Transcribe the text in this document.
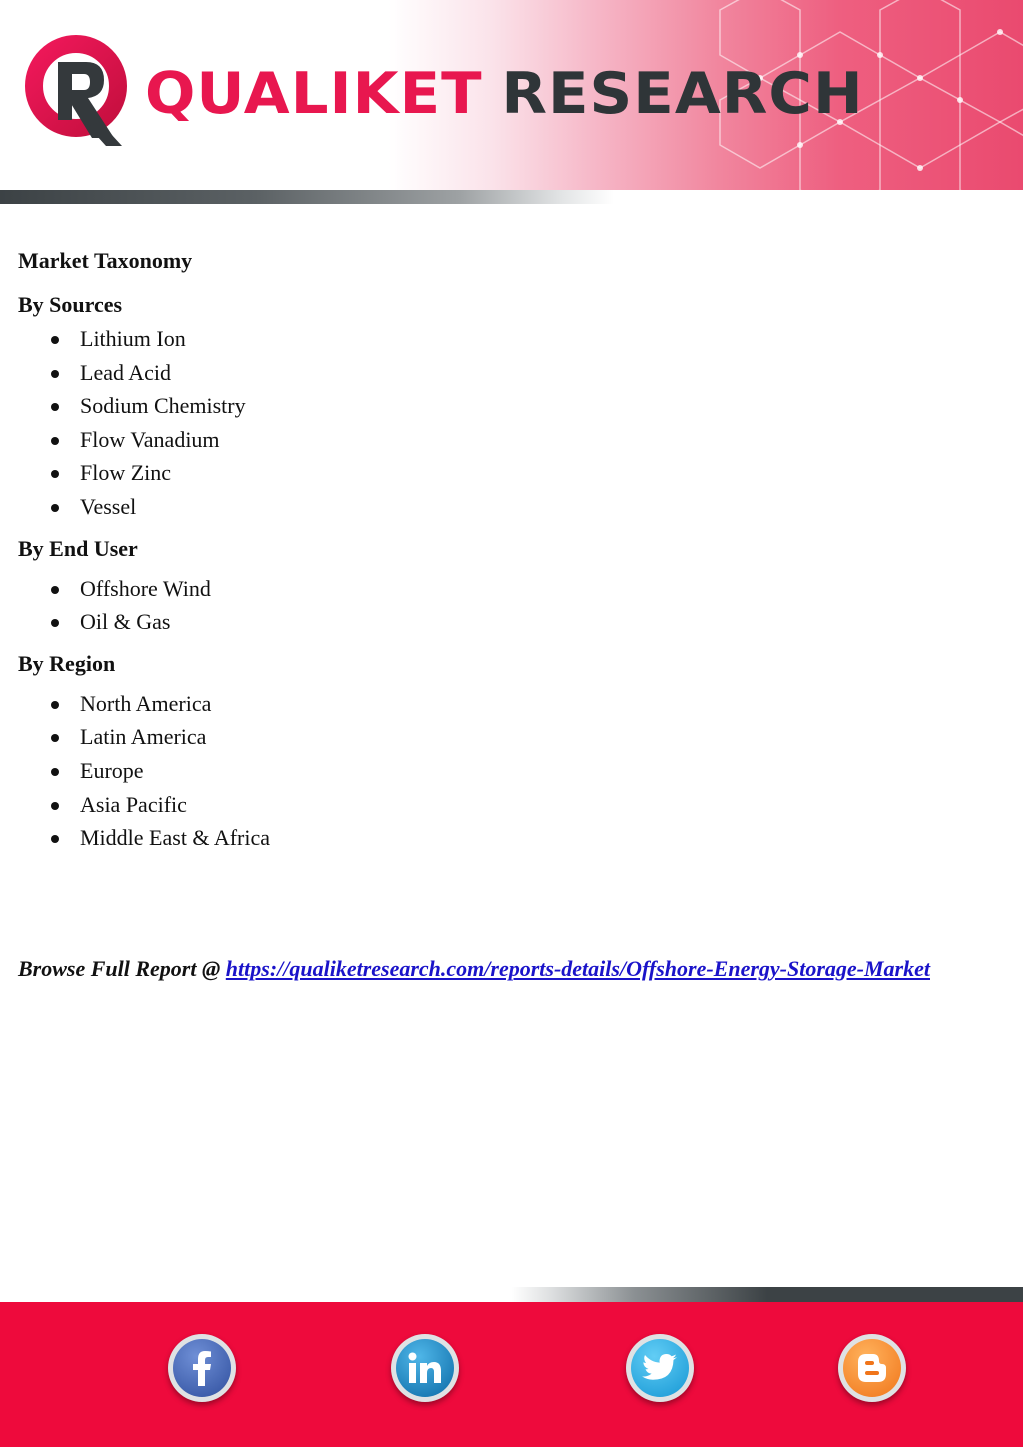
QUALIKET RESEARCH

Market Taxonomy

By Sources

Lithium Ion
Lead Acid
Sodium Chemistry
Flow Vanadium
Flow Zinc
Vessel

By End User

Offshore Wind
Oil & Gas

By Region

North America
Latin America
Europe
Asia Pacific
Middle East & Africa
Browse Full Report @ https://qualiketresearch.com/reports-details/Offshore-Energy-Storage-Market
